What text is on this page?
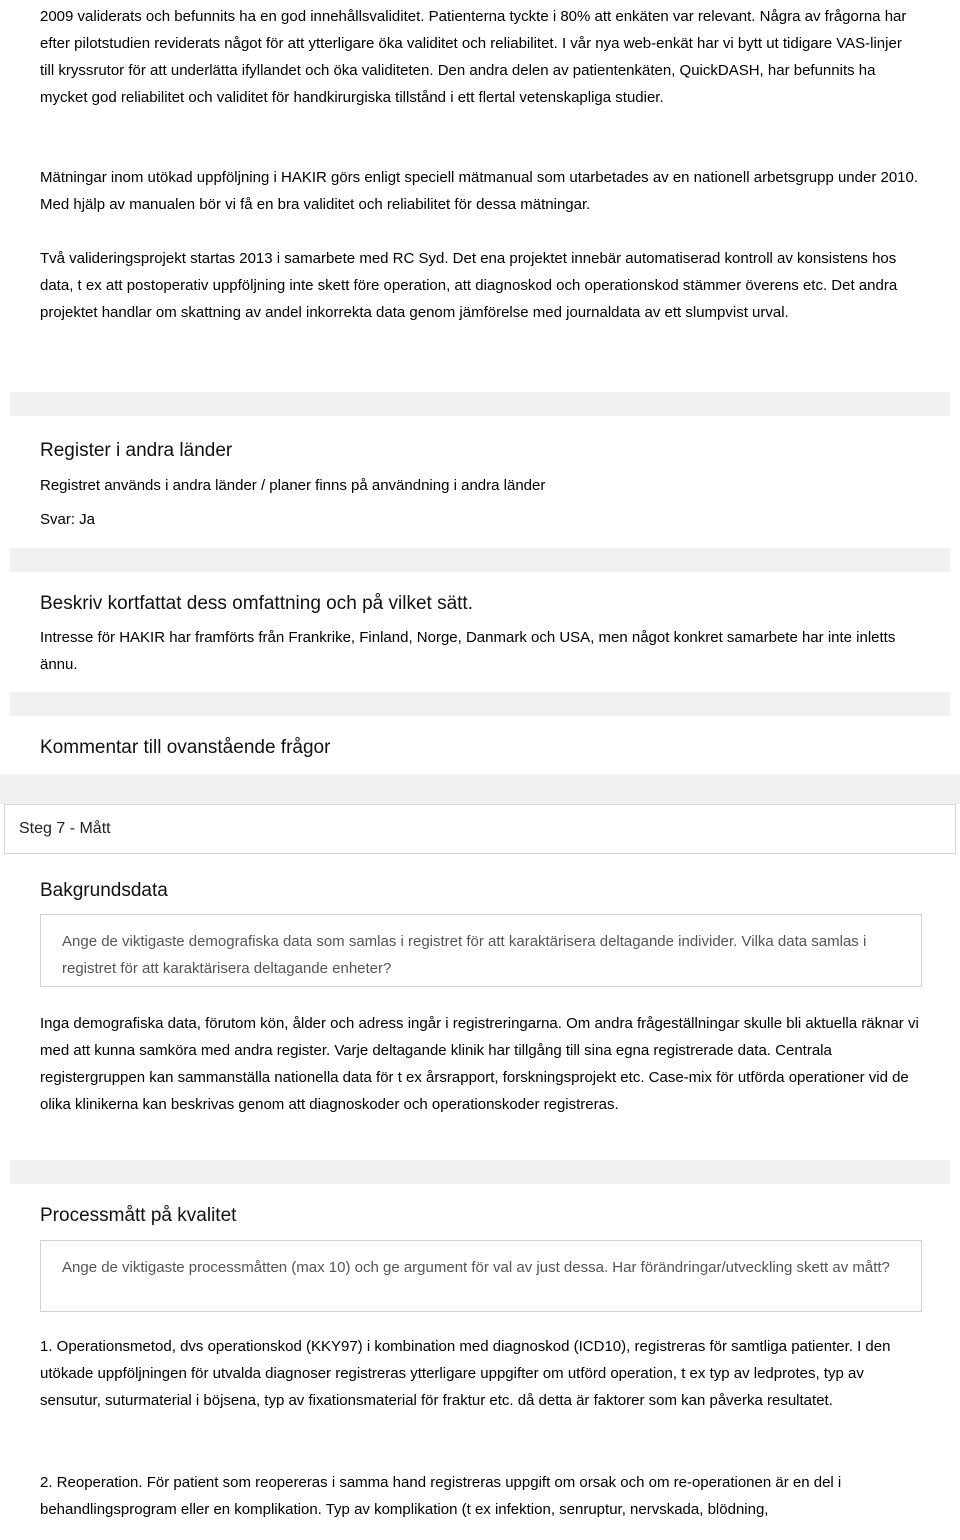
2009 validerats och befunnits ha en god innehållsvaliditet. Patienterna tyckte i 80% att enkäten var relevant. Några av frågorna har efter pilotstudien reviderats något för att ytterligare öka validitet och reliabilitet. I vår nya web-enkät har vi bytt ut tidigare VAS-linjer till kryssrutor för att underlätta ifyllandet och öka validiteten. Den andra delen av patientenkäten, QuickDASH, har befunnits ha mycket god reliabilitet och validitet för handkirurgiska tillstånd i ett flertal vetenskapliga studier.

Mätningar inom utökad uppföljning i HAKIR görs enligt speciell mätmanual som utarbetades av en nationell arbetsgrupp under 2010. Med hjälp av manualen bör vi få en bra validitet och reliabilitet för dessa mätningar.

Två valideringsprojekt startas 2013 i samarbete med RC Syd. Det ena projektet innebär automatiserad kontroll av konsistens hos data, t ex att postoperativ uppföljning inte skett före operation, att diagnoskod och operationskod stämmer överens etc. Det andra projektet handlar om skattning av andel inkorrekta data genom jämförelse med journaldata av ett slumpvist urval.

Register i andra länder

Registret används i andra länder / planer finns på användning i andra länder

Svar: Ja

Beskriv kortfattat dess omfattning och på vilket sätt.

Intresse för HAKIR har framförts från Frankrike, Finland, Norge, Danmark och USA, men något konkret samarbete har inte inletts ännu.

Kommentar till ovanstående frågor

Steg 7 - Mått

Bakgrundsdata
Ange de viktigaste demografiska data som samlas i registret för att karaktärisera deltagande individer. Vilka data samlas i registret för att karaktärisera deltagande enheter?

Inga demografiska data, förutom kön, ålder och adress ingår i registreringarna. Om andra frågeställningar skulle bli aktuella räknar vi med att kunna samköra med andra register. Varje deltagande klinik har tillgång till sina egna registrerade data. Centrala registergruppen kan sammanställa nationella data för t ex årsrapport, forskningsprojekt etc. Case-mix för utförda operationer vid de olika klinikerna kan beskrivas genom att diagnoskoder och operationskoder registreras.

Processmått på kvalitet
Ange de viktigaste processmåtten (max 10) och ge argument för val av just dessa. Har förändringar/utveckling skett av mått?

1. Operationsmetod, dvs operationskod (KKY97) i kombination med diagnoskod (ICD10), registreras för samtliga patienter. I den utökade uppföljningen för utvalda diagnoser registreras ytterligare uppgifter om utförd operation, t ex typ av ledprotes, typ av sensutur, suturmaterial i böjsena, typ av fixationsmaterial för fraktur etc. då detta är faktorer som kan påverka resultatet.

2. Reoperation. För patient som reopereras i samma hand registreras uppgift om orsak och om re-operationen är en del i behandlingsprogram eller en komplikation. Typ av komplikation (t ex infektion, senruptur, nervskada, blödning,
